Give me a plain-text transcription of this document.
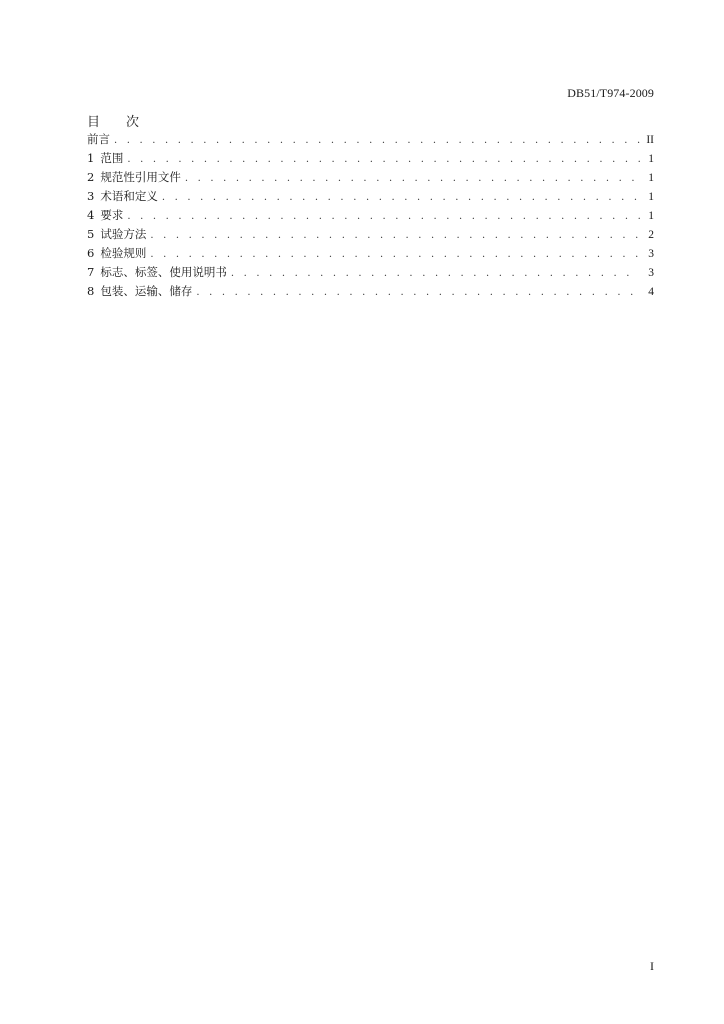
DB51/T974-2009
目 次
前言 . . .	II
1 范围 . . .	1
2 规范性引用文件 . . .	1
3 术语和定义 . . .	1
4 要求 . . .	1
5 试验方法 . . .	2
6 检验规则 . . .	3
7 标志、标签、使用说明书 . . .	3
8 包装、运输、储存 . . .	4
I
